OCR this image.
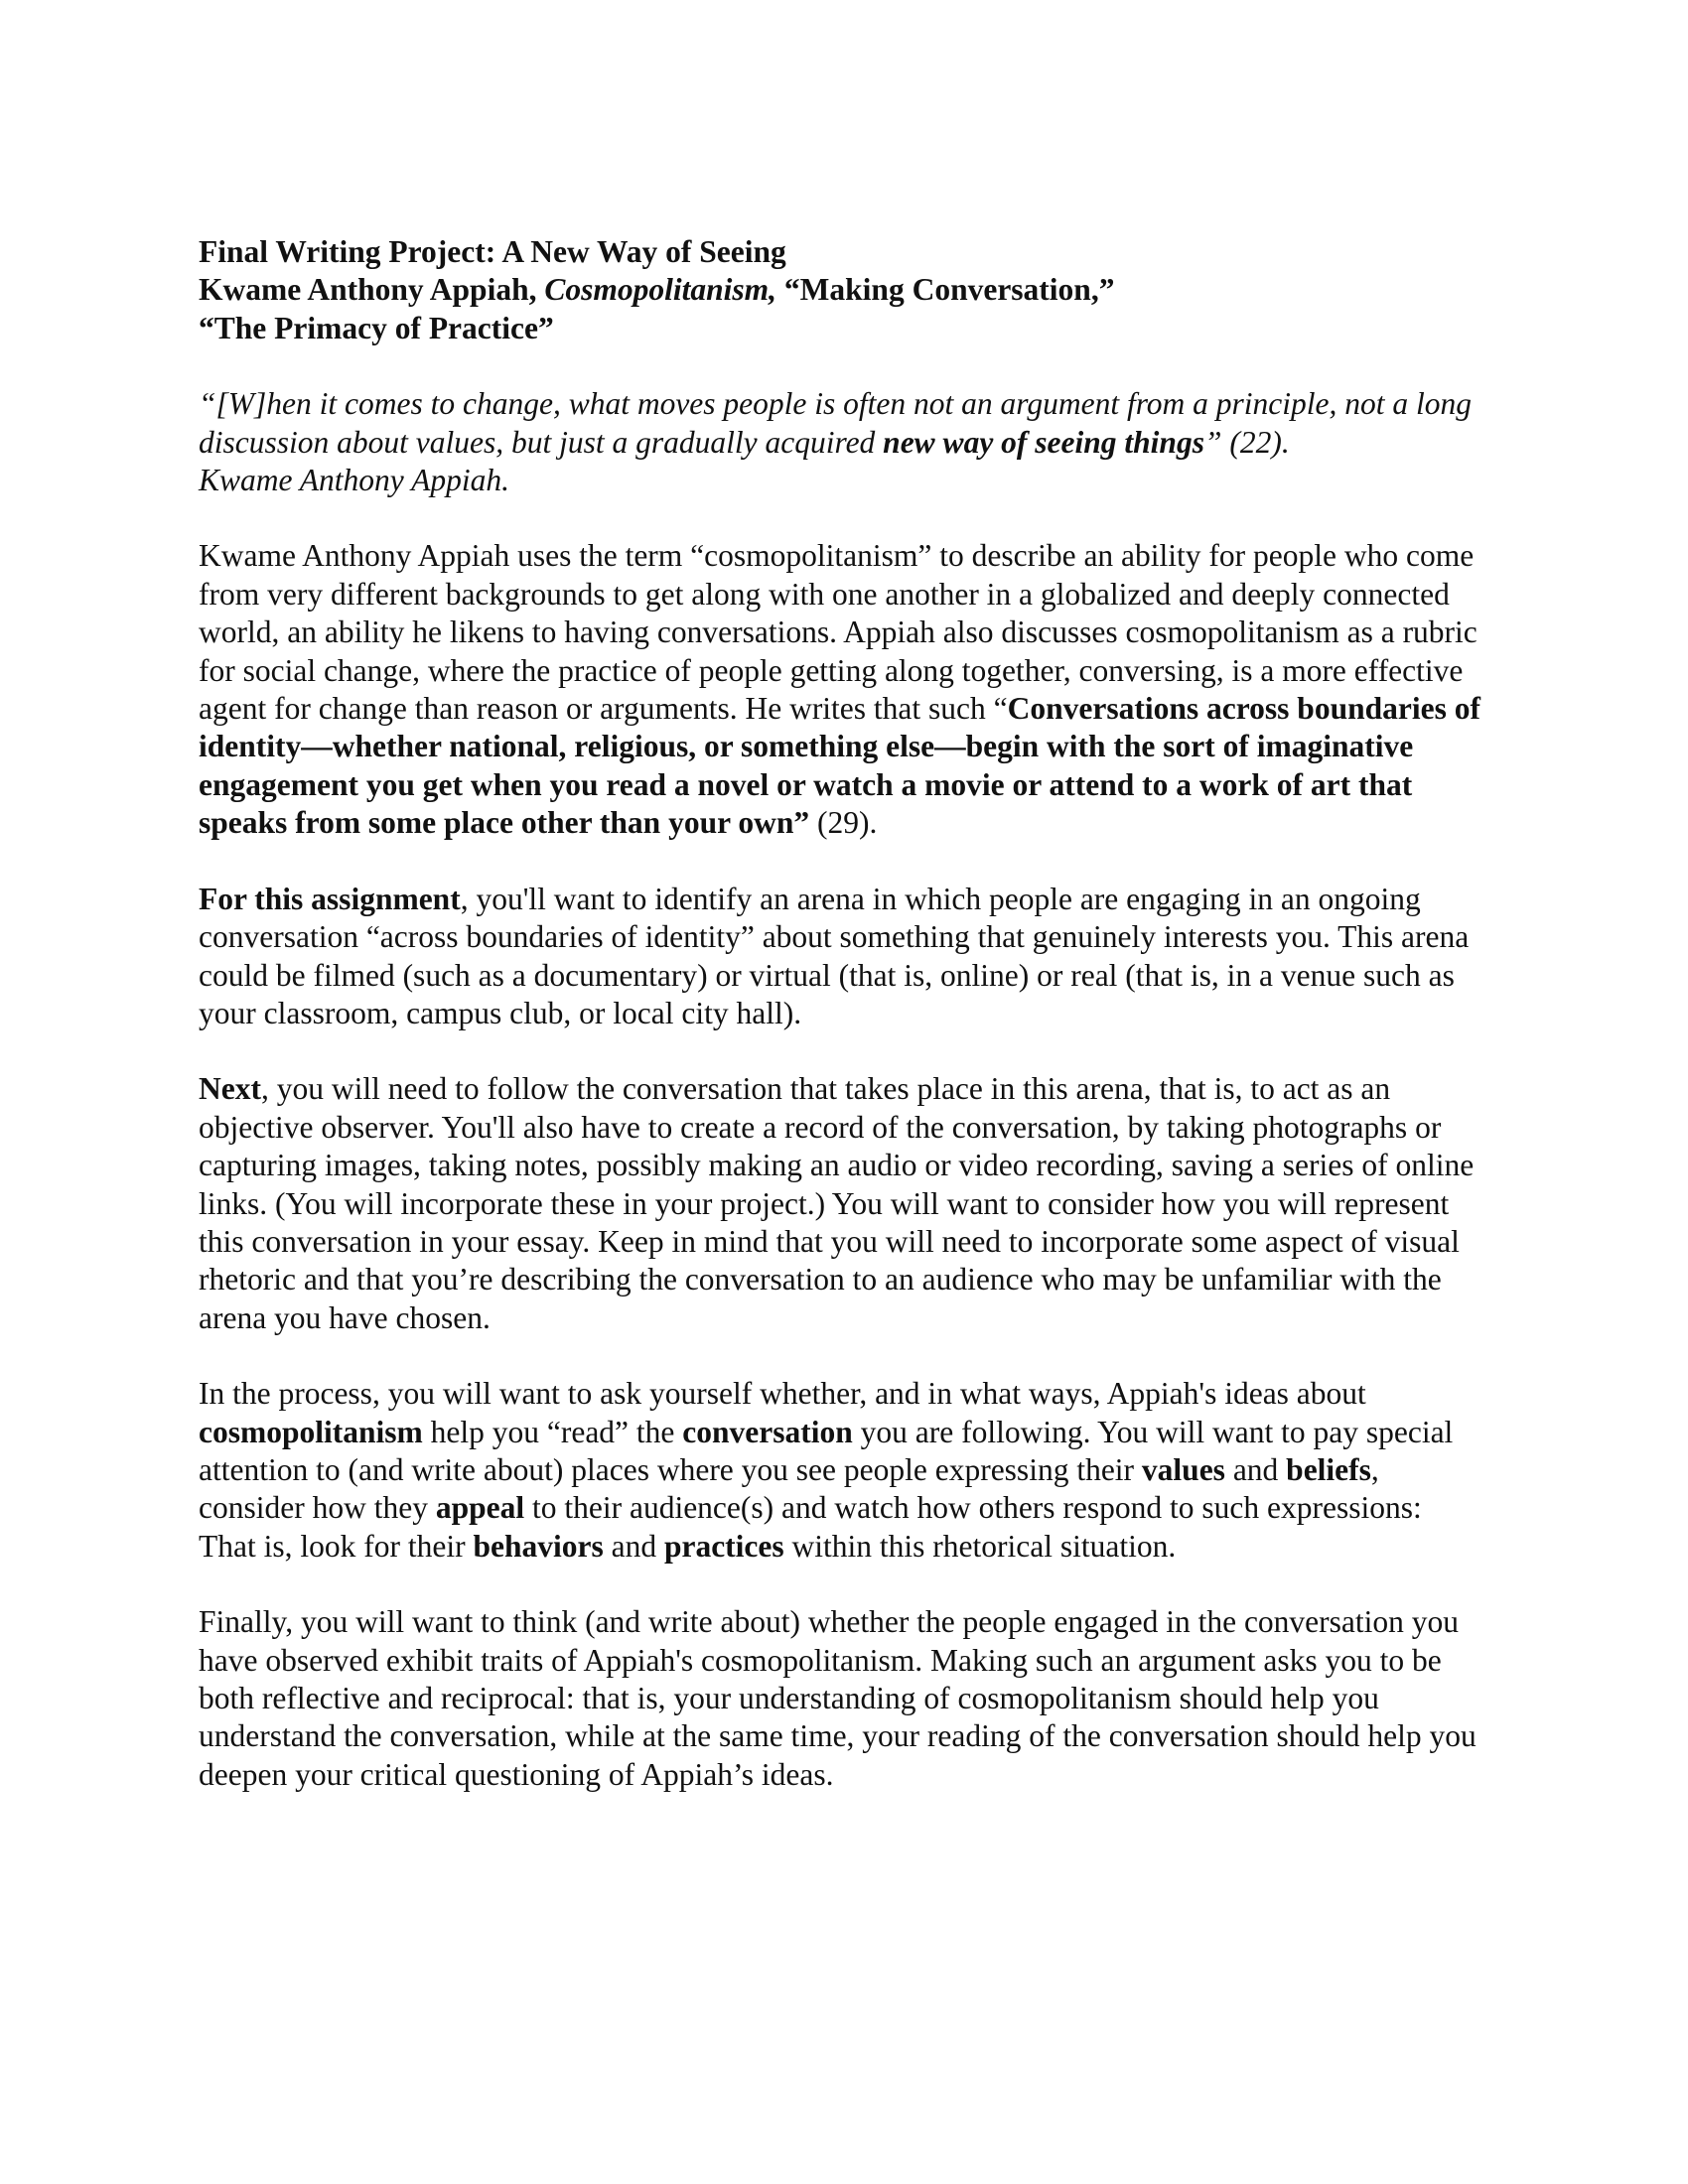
Final Writing Project: A New Way of Seeing
Kwame Anthony Appiah, Cosmopolitanism, “Making Conversation,”
“The Primacy of Practice”
“[W]hen it comes to change, what moves people is often not an argument from a principle, not a long discussion about values, but just a gradually acquired new way of seeing things” (22).
Kwame Anthony Appiah.

Kwame Anthony Appiah uses the term “cosmopolitanism” to describe an ability for people who come from very different backgrounds to get along with one another in a globalized and deeply connected world, an ability he likens to having conversations. Appiah also discusses cosmopolitanism as a rubric for social change, where the practice of people getting along together, conversing, is a more effective agent for change than reason or arguments. He writes that such “Conversations across boundaries of identity—whether national, religious, or something else—begin with the sort of imaginative engagement you get when you read a novel or watch a movie or attend to a work of art that speaks from some place other than your own” (29).

For this assignment, you'll want to identify an arena in which people are engaging in an ongoing conversation “across boundaries of identity” about something that genuinely interests you. This arena could be filmed (such as a documentary) or virtual (that is, online) or real (that is, in a venue such as your classroom, campus club, or local city hall).

Next, you will need to follow the conversation that takes place in this arena, that is, to act as an objective observer. You'll also have to create a record of the conversation, by taking photographs or capturing images, taking notes, possibly making an audio or video recording, saving a series of online links. (You will incorporate these in your project.) You will want to consider how you will represent this conversation in your essay. Keep in mind that you will need to incorporate some aspect of visual rhetoric and that you’re describing the conversation to an audience who may be unfamiliar with the arena you have chosen.

In the process, you will want to ask yourself whether, and in what ways, Appiah's ideas about cosmopolitanism help you “read” the conversation you are following. You will want to pay special attention to (and write about) places where you see people expressing their values and beliefs, consider how they appeal to their audience(s) and watch how others respond to such expressions: That is, look for their behaviors and practices within this rhetorical situation.

Finally, you will want to think (and write about) whether the people engaged in the conversation you have observed exhibit traits of Appiah's cosmopolitanism. Making such an argument asks you to be both reflective and reciprocal: that is, your understanding of cosmopolitanism should help you understand the conversation, while at the same time, your reading of the conversation should help you deepen your critical questioning of Appiah’s ideas.
